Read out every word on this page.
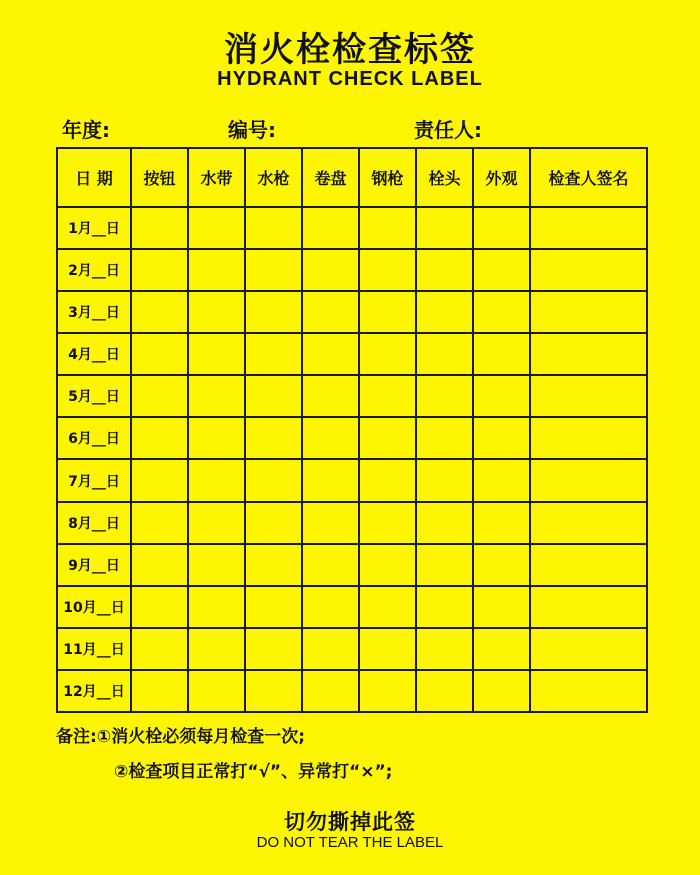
消火栓检查标签
HYDRANT CHECK LABEL
年度:	编号:	责任人:
日 期	按钮	水带	水枪	卷盘	钢枪	栓头	外观	检查人签名
1月__日								
2月__日								
3月__日								
4月__日								
5月__日								
6月__日								
7月__日								
8月__日								
9月__日								
10月__日								
11月__日								
12月__日								
备注:①消火栓必须每月检查一次;
②检查项目正常打“√”、异常打“×”;
切勿撕掉此签
DO NOT TEAR THE LABEL
